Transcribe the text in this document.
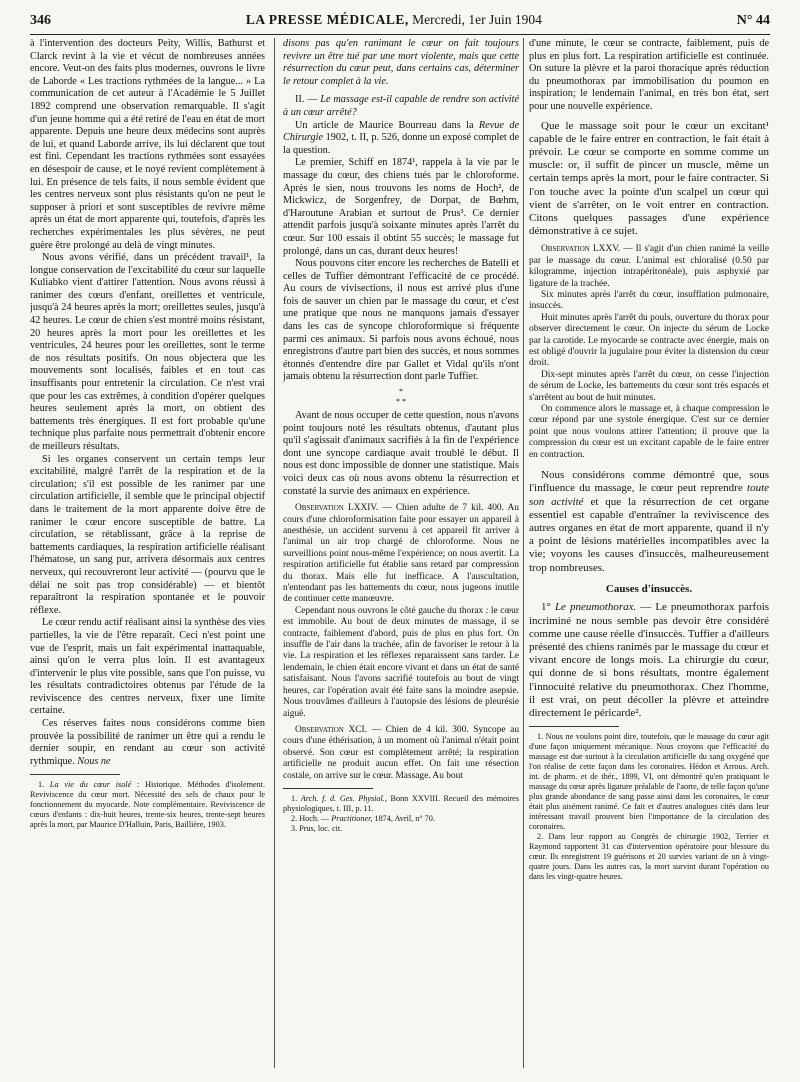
346	LA PRESSE MÉDICALE, Mercredi, 1er Juin 1904	N° 44

à l'intervention des docteurs Peity, Willis, Bathurst et Clarck revint à la vie et vécut de nombreuses années encore. Veut-on des faits plus modernes, ouvrons le livre de Laborde « Les tractions rythmées de la langue... » La communication de cet auteur à l'Académie le 5 Juillet 1892 comprend une observation remarquable. Il s'agit d'un jeune homme qui a été retiré de l'eau en état de mort apparente. Depuis une heure deux médecins sont auprès de lui, et quand Laborde arrive, ils lui déclarent que tout est fini. Cependant les tractions rythmées sont essayées en désespoir de cause, et le noyé revient complètement à lui. En présence de tels faits, il nous semble évident que les centres nerveux sont plus résistants qu'on ne peut le supposer à priori et sont susceptibles de revivre même après un état de mort apparente qui, toutefois, d'après les recherches expérimentales les plus sévères, ne peut guère être prolongé au delà de vingt minutes.

Nous avons vérifié, dans un précédent travail¹, la longue conservation de l'excitabilité du cœur sur laquelle Kuliabko vient d'attirer l'attention. Nous avons réussi à ranimer des cœurs d'enfant, oreillettes et ventricule, jusqu'à 24 heures après la mort; oreillettes seules, jusqu'à 42 heures. Le cœur de chien s'est montré moins résistant, 20 heures après la mort pour les oreillettes et les ventricules, 24 heures pour les oreillettes, sont le terme de nos résultats positifs. On nous objectera que les mouvements sont localisés, faibles et en tout cas insuffisants pour entretenir la circulation. Ce n'est vrai que pour les cas extrêmes, à condition d'opérer quelques heures seulement après la mort, on obtient des battements très énergiques. Il est fort probable qu'une technique plus parfaite nous permettrait d'obtenir encore de meilleurs résultats.

Si les organes conservent un certain temps leur excitabilité, malgré l'arrêt de la respiration et de la circulation; s'il est possible de les ranimer par une circulation artificielle, il semble que le principal objectif dans le traitement de la mort apparente doive être de ranimer le cœur encore susceptible de battre. La circulation, se rétablissant, grâce à la reprise de battements cardiaques, la respiration artificielle réalisant l'hématose, un sang pur, arrivera désormais aux centres nerveux, qui recouvreront leur activité — (pourvu que le délai ne soit pas trop considérable) — et bientôt reparaîtront la respiration spontanée et le pouvoir réflexe.

Le cœur rendu actif réalisant ainsi la synthèse des vies partielles, la vie de l'être reparaît. Ceci n'est point une vue de l'esprit, mais un fait expérimental inattaquable, ainsi qu'on le verra plus loin. Il est avantageux d'intervenir le plus vite possible, sans que l'on puisse, vu les résultats contradictoires obtenus par l'étude de la reviviscence des centres nerveux, fixer une limite certaine.

Ces réserves faites nous considérons comme bien prouvée la possibilité de ranimer un être qui a rendu le dernier soupir, en rendant au cœur son activité rythmique. Nous ne

1. La vie du cœur isolé : Historique. Méthodes d'isolement. Reviviscence du cœur mort. Nécessité des sels de chaux pour le fonctionnement du myocarde. Note complémentaire. Reviviscence de cœurs d'enfants : dix-huit heures, trente-six heures, trente-sept heures après la mort, par Maurice D'Halluin, Paris, Baillière, 1903.

disons pas qu'en ranimant le cœur on fait toujours revivre un être tué par une mort violente, mais que cette résurrection du cœur peut, dans certains cas, déterminer le retour complet à la vie.

II. — Le massage est-il capable de rendre son activité à un cœur arrêté?

Un article de Maurice Bourreau dans la Revue de Chirurgie 1902, t. II, p. 526, donne un exposé complet de la question.

Le premier, Schiff en 1874¹, rappela à la vie par le massage du cœur, des chiens tués par le chloroforme. Après le sien, nous trouvons les noms de Hoch², de Mickwicz, de Sorgenfrey, de Dorpat, de Bœhm, d'Haroutune Arabian et surtout de Prus³. Ce dernier attendit parfois jusqu'à soixante minutes après l'arrêt du cœur. Sur 100 essais il obtint 55 succès; le massage fut prolongé, dans un cas, durant deux heures!

Nous pouvons citer encore les recherches de Batelli et celles de Tuffier démontrant l'efficacité de ce procédé. Au cours de vivisections, il nous est arrivé plus d'une fois de sauver un chien par le massage du cœur, et c'est une pratique que nous ne manquons jamais d'essayer dans les cas de syncope chloroformique si fréquente parmi ces animaux. Si parfois nous avons échoué, nous enregistrons d'autre part bien des succès, et nous sommes étonnés d'entendre dire par Gallet et Vidal qu'ils n'ont jamais obtenu la résurrection dont parle Tuffier.

*
* *

Avant de nous occuper de cette question, nous n'avons point toujours noté les résultats obtenus, d'autant plus qu'il s'agissait d'animaux sacrifiés à la fin de l'expérience dont une syncope cardiaque avait troublé le début. Il nous est donc impossible de donner une statistique. Mais voici deux cas où nous avons obtenu la résurrection et constaté la survie des animaux en expérience.

Observation LXXIV. — Chien adulte de 7 kil. 400. Au cours d'une chloroformisation faite pour essayer un appareil à anesthésie, un accident survenu à cet appareil fit arriver à l'animal un air trop chargé de chloroforme. Nous ne surveillions point nous-même l'expérience; on nous avertit. La respiration artificielle fut établie sans retard par compression du thorax. Mais elle fut inefficace. A l'auscultation, n'entendant pas les battements du cœur, nous jugeons inutile de continuer cette manœuvre.

Cependant nous ouvrons le côté gauche du thorax : le cœur est immobile. Au bout de deux minutes de massage, il se contracte, faiblement d'abord, puis de plus en plus fort. On insuffle de l'air dans la trachée, afin de favoriser le retour à la vie. La respiration et les réflexes reparaissent sans tarder. Le lendemain, le chien était encore vivant et dans un état de santé satisfaisant. Nous l'avons sacrifié toutefois au bout de vingt heures, car l'opération avait été faite sans la moindre asepsie. Nous trouvâmes d'ailleurs à l'autopsie des lésions de pleurésie aiguë.

Observation XCI. — Chien de 4 kil. 300. Syncope au cours d'une éthérisation, à un moment où l'animal n'était point observé. Son cœur est complètement arrêté; la respiration artificielle ne produit aucun effet. On fait une résection costale, on arrive sur le cœur. Massage. Au bout

1. Arch. f. d. Ges. Physiol., Bonn XXVIII. Recueil des mémoires physiologiques, t. III, p. 11.

2. Hoch. — Practitioner, 1874, Avril, n° 70.

3. Prus, loc. cit.

d'une minute, le cœur se contracte, faiblement, puis de plus en plus fort. La respiration artificielle est continuée. On suture la plèvre et la paroi thoracique après réduction du pneumothorax par immobilisation du poumon en inspiration; le lendemain l'animal, en très bon état, sert pour une nouvelle expérience.

Que le massage soit pour le cœur un excitant¹ capable de le faire entrer en contraction, le fait était à prévoir. Le cœur se comporte en somme comme un muscle: or, il suffit de pincer un muscle, même un certain temps après la mort, pour le faire contracter. Si l'on touche avec la pointe d'un scalpel un cœur qui vient de s'arrêter, on le voit entrer en contraction. Citons quelques passages d'une expérience démonstrative à ce sujet.

Observation LXXV. — Il s'agit d'un chien ranimé la veille par le massage du cœur. L'animal est chloralisé (0.50 par kilogramme, injection intrapéritonéale), puis asphyxié par ligature de la trachée.

Six minutes après l'arrêt du cœur, insufflation pulmonaire, insuccès.

Huit minutes après l'arrêt du pouls, ouverture du thorax pour observer directement le cœur. On injecte du sérum de Locke par la carotide. Le myocarde se contracte avec énergie, mais on est obligé d'ouvrir la jugulaire pour éviter la distension du cœur droit.

Dix-sept minutes après l'arrêt du cœur, on cesse l'injection de sérum de Locke, les battements du cœur sont très espacés et s'arrêtent au bout de huit minutes.

On commence alors le massage et, à chaque compression le cœur répond par une systole énergique. C'est sur ce dernier point que nous voulons attirer l'attention; il prouve que la compression du cœur est un excitant capable de le faire entrer en contraction.

Nous considérons comme démontré que, sous l'influence du massage, le cœur peut reprendre toute son activité et que la résurrection de cet organe essentiel est capable d'entraîner la reviviscence des autres organes en état de mort apparente, quand il n'y a point de lésions matérielles incompatibles avec la vie; voyons les causes d'insuccès, malheureusement trop nombreuses.

Causes d'insuccès.

1° Le pneumothorax. — Le pneumothorax parfois incriminé ne nous semble pas devoir être considéré comme une cause réelle d'insuccès. Tuffier a d'ailleurs présenté des chiens ranimés par le massage du cœur et vivant encore de longs mois. La chirurgie du cœur, qui donne de si bons résultats, montre également l'innocuité relative du pneumothorax. Chez l'homme, il est vrai, on peut décoller la plèvre et atteindre directement le péricarde².

1. Nous ne voulons point dire, toutefois, que le massage du cœur agit d'une façon uniquement mécanique. Nous croyons que l'efficacité du massage est due surtout à la circulation artificielle du sang oxygéné que l'on réalise de cette façon dans les coronaires. Hédon et Arrous. Arch. int. de pharm. et de thér., 1899, VI, ont démontré qu'en pratiquant le massage du cœur après ligature préalable de l'aorte, de telle façon qu'une plus grande abondance de sang passe ainsi dans les coronaires, le cœur était plus aisément ranimé. Ce fait et d'autres analogues cités dans leur intéressant travail prouvent bien l'importance de la circulation des coronaires.

2. Dans leur rapport au Congrès de chirurgie 1902, Terrier et Raymond rapportent 31 cas d'intervention opératoire pour blessure du cœur. Ils enregistrent 19 guérisons et 20 survies variant de un à vingt-quatre jours. Dans les autres cas, la mort survint durant l'opération ou dans les vingt-quatre heures.
